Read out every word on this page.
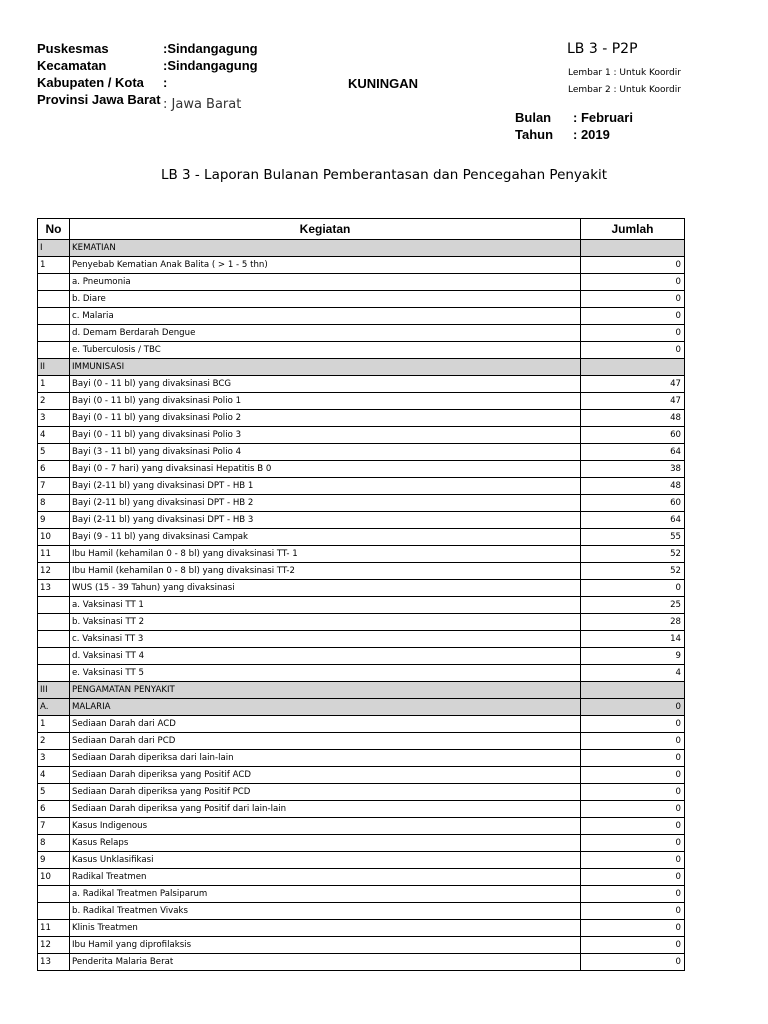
Puskesmas	:Sindangagung
Kecamatan	:Sindangagung
Kabupaten / Kota :	KUNINGAN
Provinsi Jawa Barat : Jawa Barat
LB 3 - P2P
Lembar 1 : Untuk Koordir
Lembar 2 : Untuk Koordir
Bulan : Februari
Tahun : 2019
LB 3 - Laporan Bulanan Pemberantasan dan Pencegahan Penyakit
No	Kegiatan	Jumlah
I	KEMATIAN	
1	Penyebab Kematian Anak Balita ( > 1 - 5 thn)	0
	a. Pneumonia	0
	b. Diare	0
	c. Malaria	0
	d. Demam Berdarah Dengue	0
	e. Tuberculosis / TBC	0
II	IMMUNISASI	
1	Bayi (0 - 11 bl) yang divaksinasi BCG	47
2	Bayi (0 - 11 bl) yang divaksinasi Polio 1	47
3	Bayi (0 - 11 bl) yang divaksinasi Polio 2	48
4	Bayi (0 - 11 bl) yang divaksinasi Polio 3	60
5	Bayi (3 - 11 bl) yang divaksinasi Polio 4	64
6	Bayi (0 - 7 hari) yang divaksinasi Hepatitis B 0	38
7	Bayi (2-11 bl) yang divaksinasi DPT - HB 1	48
8	Bayi (2-11 bl) yang divaksinasi DPT - HB 2	60
9	Bayi (2-11 bl) yang divaksinasi DPT - HB 3	64
10	Bayi (9 - 11 bl) yang divaksinasi Campak	55
11	Ibu Hamil (kehamilan 0 - 8 bl) yang divaksinasi TT- 1	52
12	Ibu Hamil (kehamilan 0 - 8 bl) yang divaksinasi TT-2	52
13	WUS (15 - 39 Tahun) yang divaksinasi	0
	a. Vaksinasi TT 1	25
	b. Vaksinasi TT 2	28
	c. Vaksinasi TT 3	14
	d. Vaksinasi TT 4	9
	e. Vaksinasi TT 5	4
III	PENGAMATAN PENYAKIT	
A.	MALARIA	0
1	Sediaan Darah dari ACD	0
2	Sediaan Darah dari PCD	0
3	Sediaan Darah diperiksa dari lain-lain	0
4	Sediaan Darah diperiksa yang Positif ACD	0
5	Sediaan Darah diperiksa yang Positif PCD	0
6	Sediaan Darah diperiksa yang Positif dari lain-lain	0
7	Kasus Indigenous	0
8	Kasus Relaps	0
9	Kasus Unklasifikasi	0
10	Radikal Treatmen	0
	a. Radikal Treatmen Palsiparum	0
	b. Radikal Treatmen Vivaks	0
11	Klinis Treatmen	0
12	Ibu Hamil yang diprofilaksis	0
13	Penderita Malaria Berat	0
